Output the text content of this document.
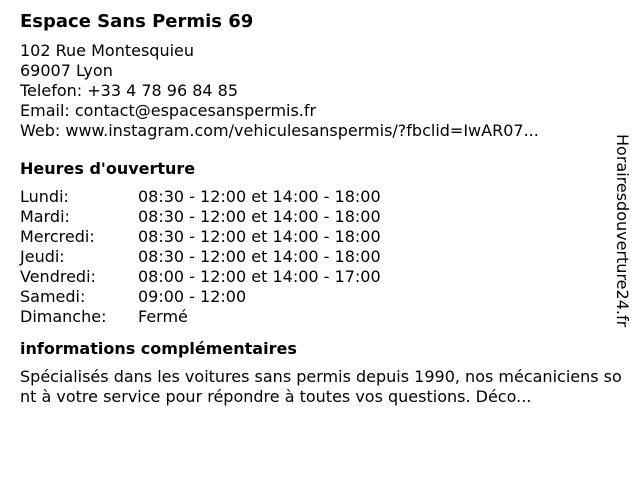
Espace Sans Permis 69
102 Rue Montesquieu
69007 Lyon
Telefon: +33 4 78 96 84 85
Email: contact@espacesanspermis.fr
Web: www.instagram.com/vehiculesanspermis/?fbclid=IwAR07...
Heures d'ouverture
Lundi:	08:30 - 12:00 et 14:00 - 18:00
Mardi:	08:30 - 12:00 et 14:00 - 18:00
Mercredi:	08:30 - 12:00 et 14:00 - 18:00
Jeudi:	08:30 - 12:00 et 14:00 - 18:00
Vendredi:	08:00 - 12:00 et 14:00 - 17:00
Samedi:	09:00 - 12:00
Dimanche:	Fermé
informations complémentaires
Spécialisés dans les voitures sans permis depuis 1990, nos mécaniciens sont à votre service pour répondre à toutes vos questions. Déco...
Horairesdouverture24.fr
